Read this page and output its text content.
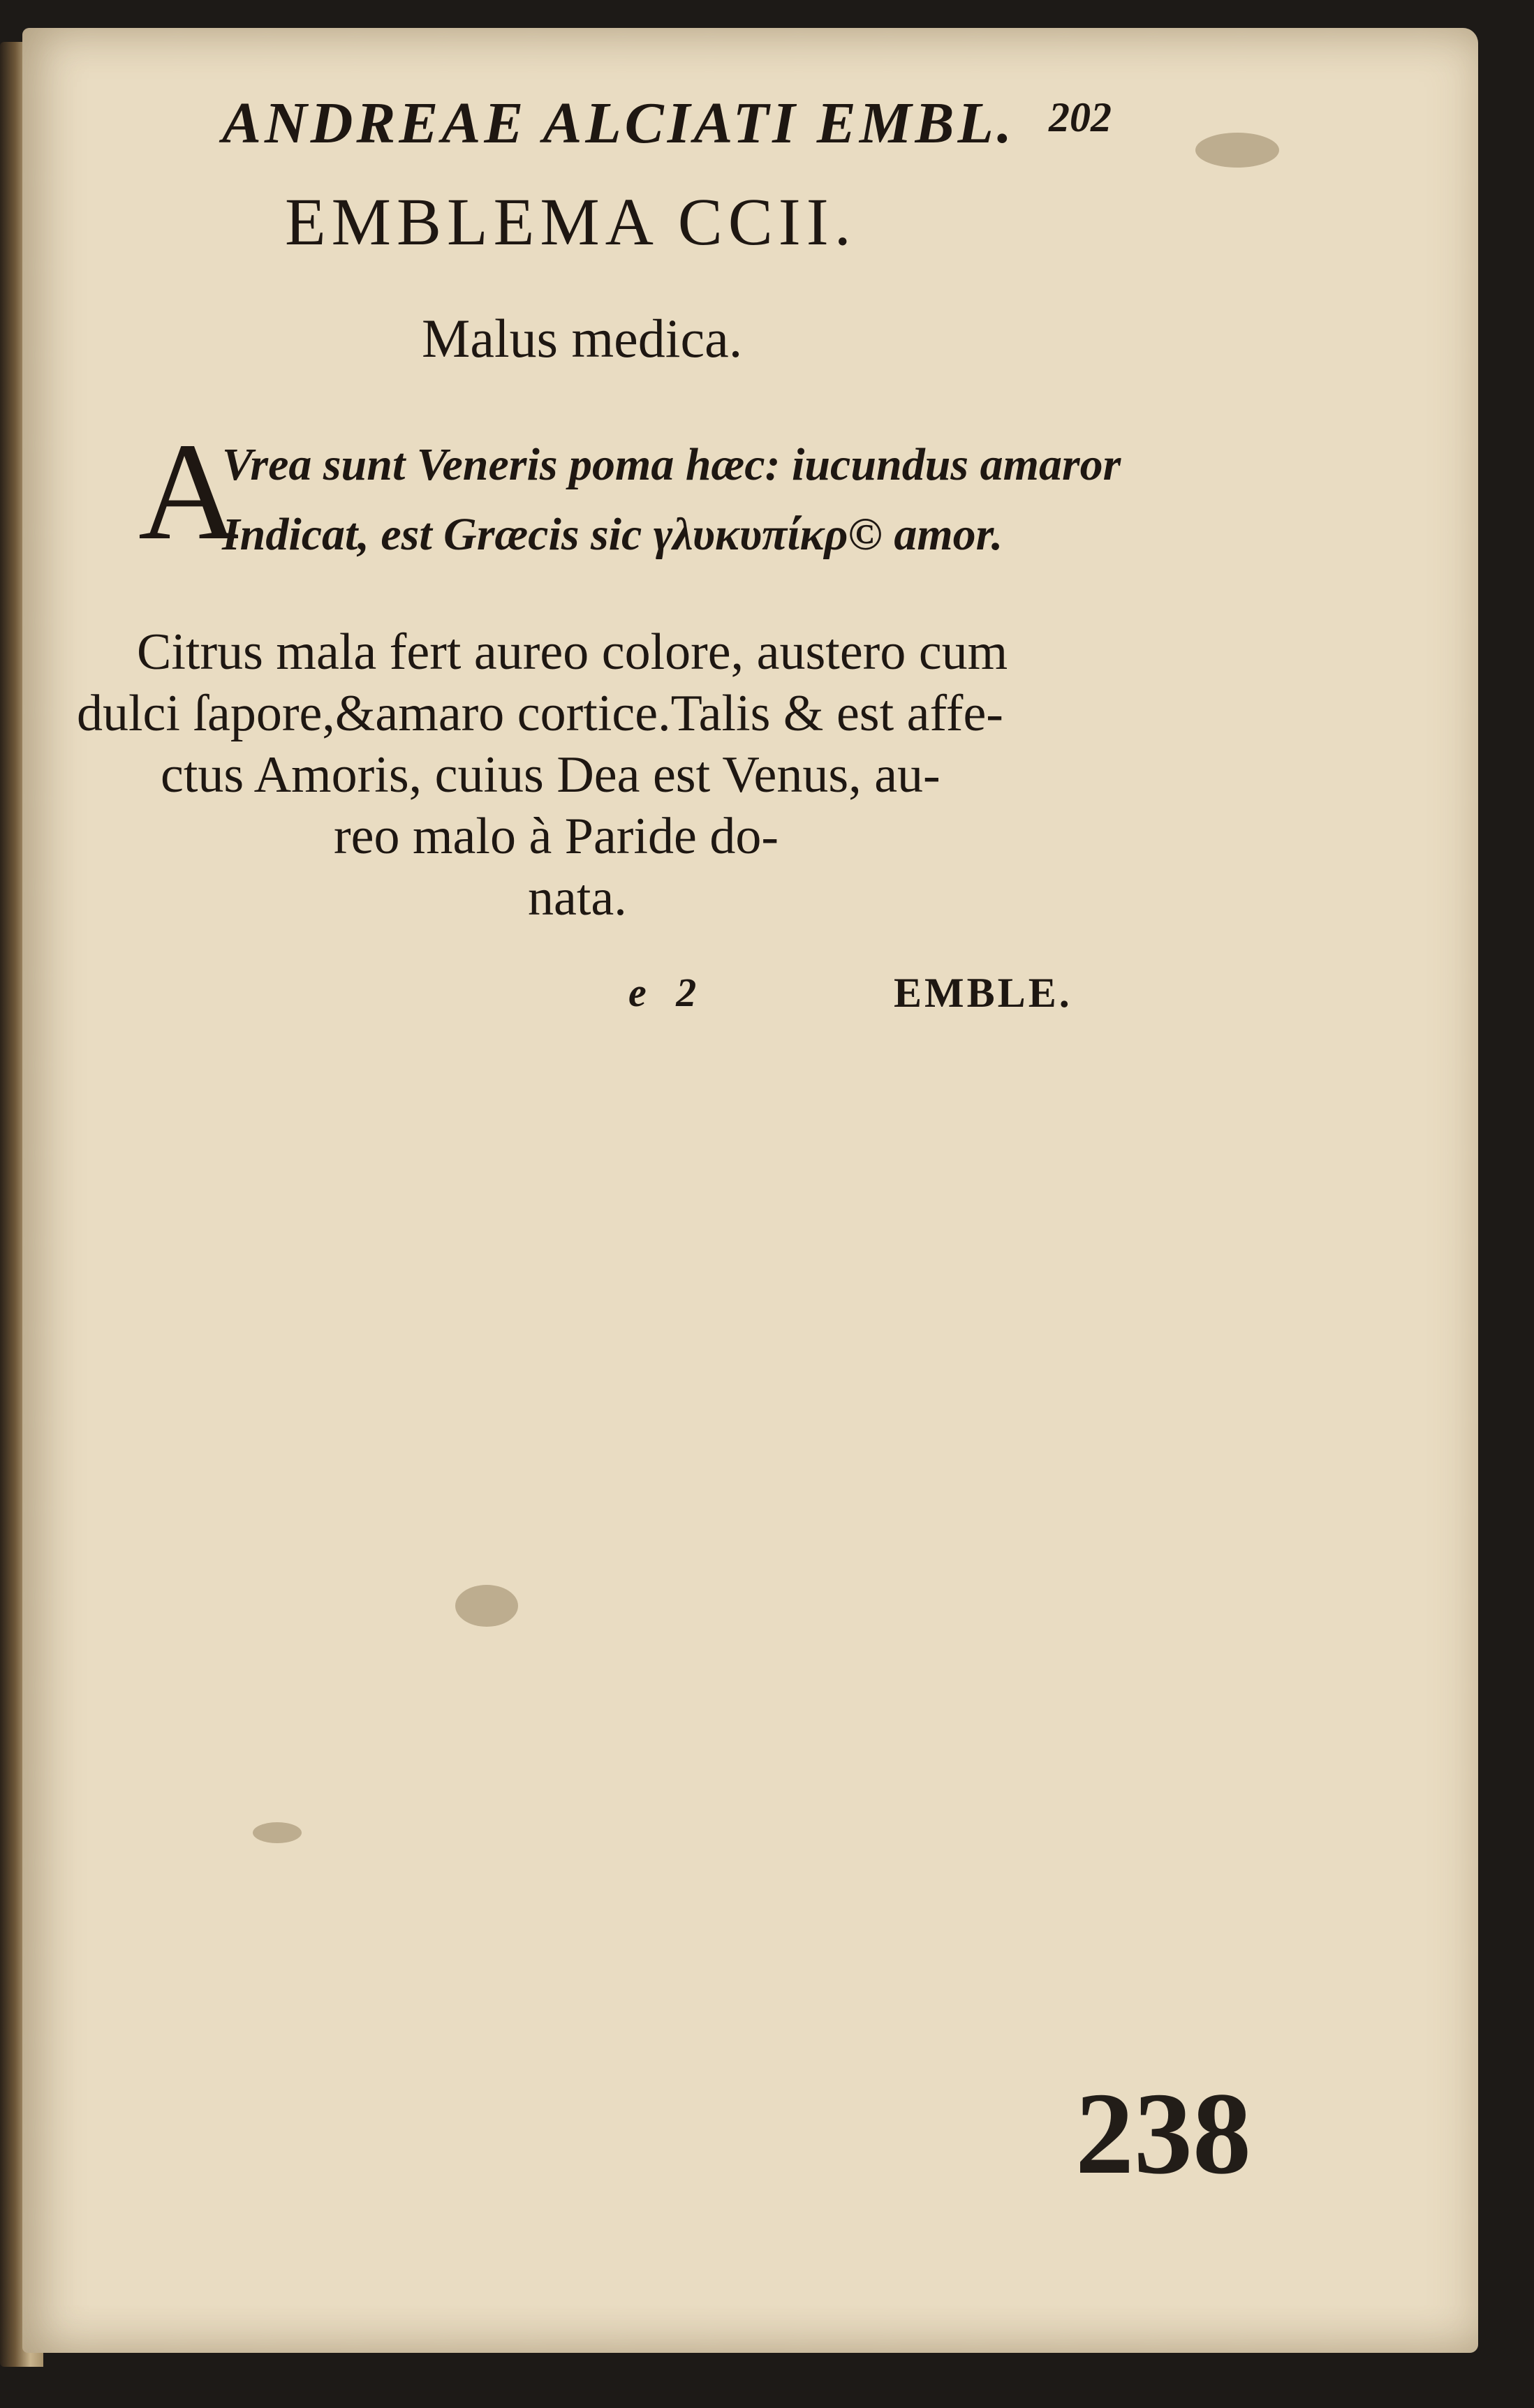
ANDREAE ALCIATI EMBL. 202
EMBLEMA CCII.
Malus medica.
A
Vrea sunt Veneris poma hæc: iucundus amaror
Indicat, est Græcis sic γλυκυπίκρ© amor.
Citrus mala fert aureo colore, austero cum
dulci ſapore,&amaro cortice.Talis & est affe-
ctus Amoris, cuius Dea est Venus, au-
reo malo à Paride do-
nata.
e 2	EMBLE.
238
